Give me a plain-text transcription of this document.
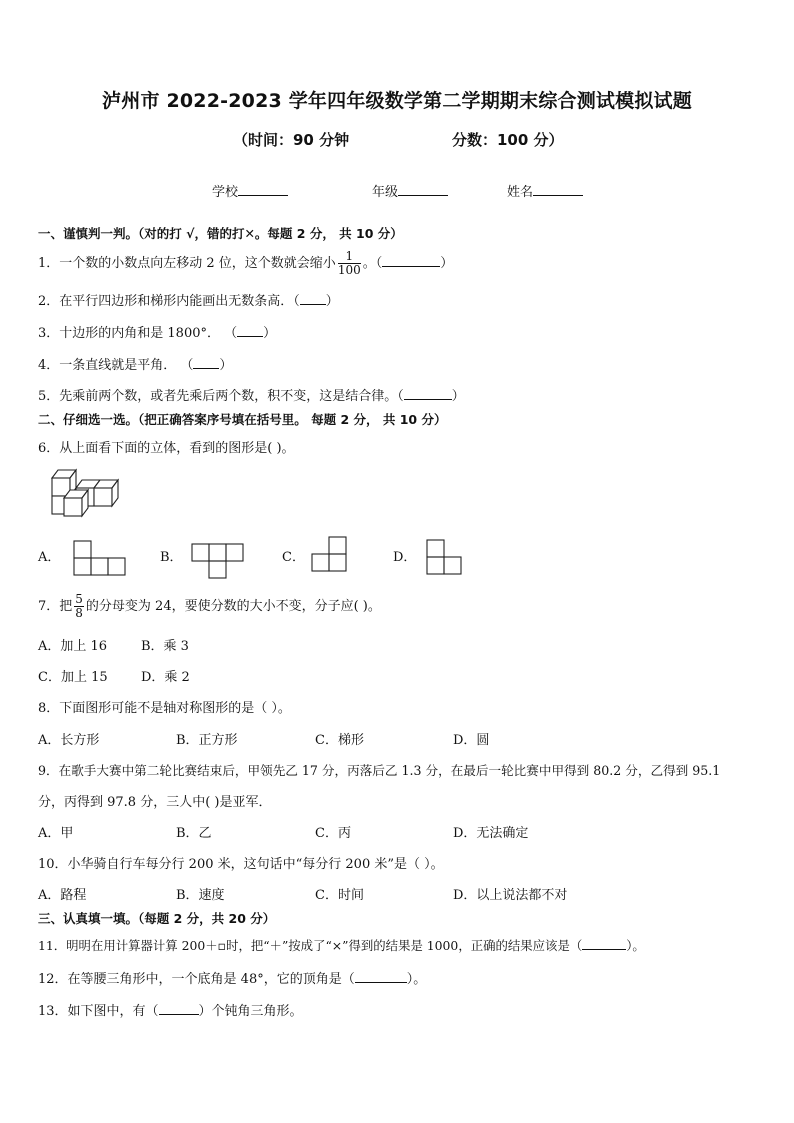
泸州市 2022-2023 学年四年级数学第二学期期末综合测试模拟试题
（时间：90 分钟	分数：100 分）
学校	年级	姓名
一、谨慎判一判。（对的打 √，错的打✕。每题 2 分， 共 10 分）
1．一个数的小数点向左移动 2 位，这个数就会缩小 $\frac{1}{100}$ 。（	）
2．在平行四边形和梯形内能画出无数条高．（ ）
3．十边形的内角和是 1800°． （ ）
4．一条直线就是平角． （ ）
5．先乘前两个数，或者先乘后两个数，积不变，这是结合律。（	）
二、仔细选一选。（把正确答案序号填在括号里。 每题 2 分， 共 10 分）
6．从上面看下面的立体，看到的图形是( )。
A．	B．	C．	D．
7．把 $\frac{5}{8}$ 的分母变为 24，要使分数的大小不变，分子应( )。
A．加上 16	B．乘 3
C．加上 15	D．乘 2
8．下面图形可能不是轴对称图形的是（ ）。
A．长方形	B．正方形	C．梯形	D．圆
9．在歌手大赛中第二轮比赛结束后，甲领先乙 17 分，丙落后乙 1.3 分，在最后一轮比赛中甲得到 80.2 分，乙得到 95.1
分，丙得到 97.8 分，三人中( )是亚军．
A．甲	B．乙	C．丙	D．无法确定
10．小华骑自行车每分行 200 米，这句话中“每分行 200 米”是（ ）。
A．路程	B．速度	C．时间	D．以上说法都不对
三、认真填一填。（每题 2 分，共 20 分）
11．明明在用计算器计算 200＋▫时，把“＋”按成了“×”得到的结果是 1000，正确的结果应该是（	）。
12．在等腰三角形中，一个底角是 48°，它的顶角是（	）。
13．如下图中，有（	）个钝角三角形。
